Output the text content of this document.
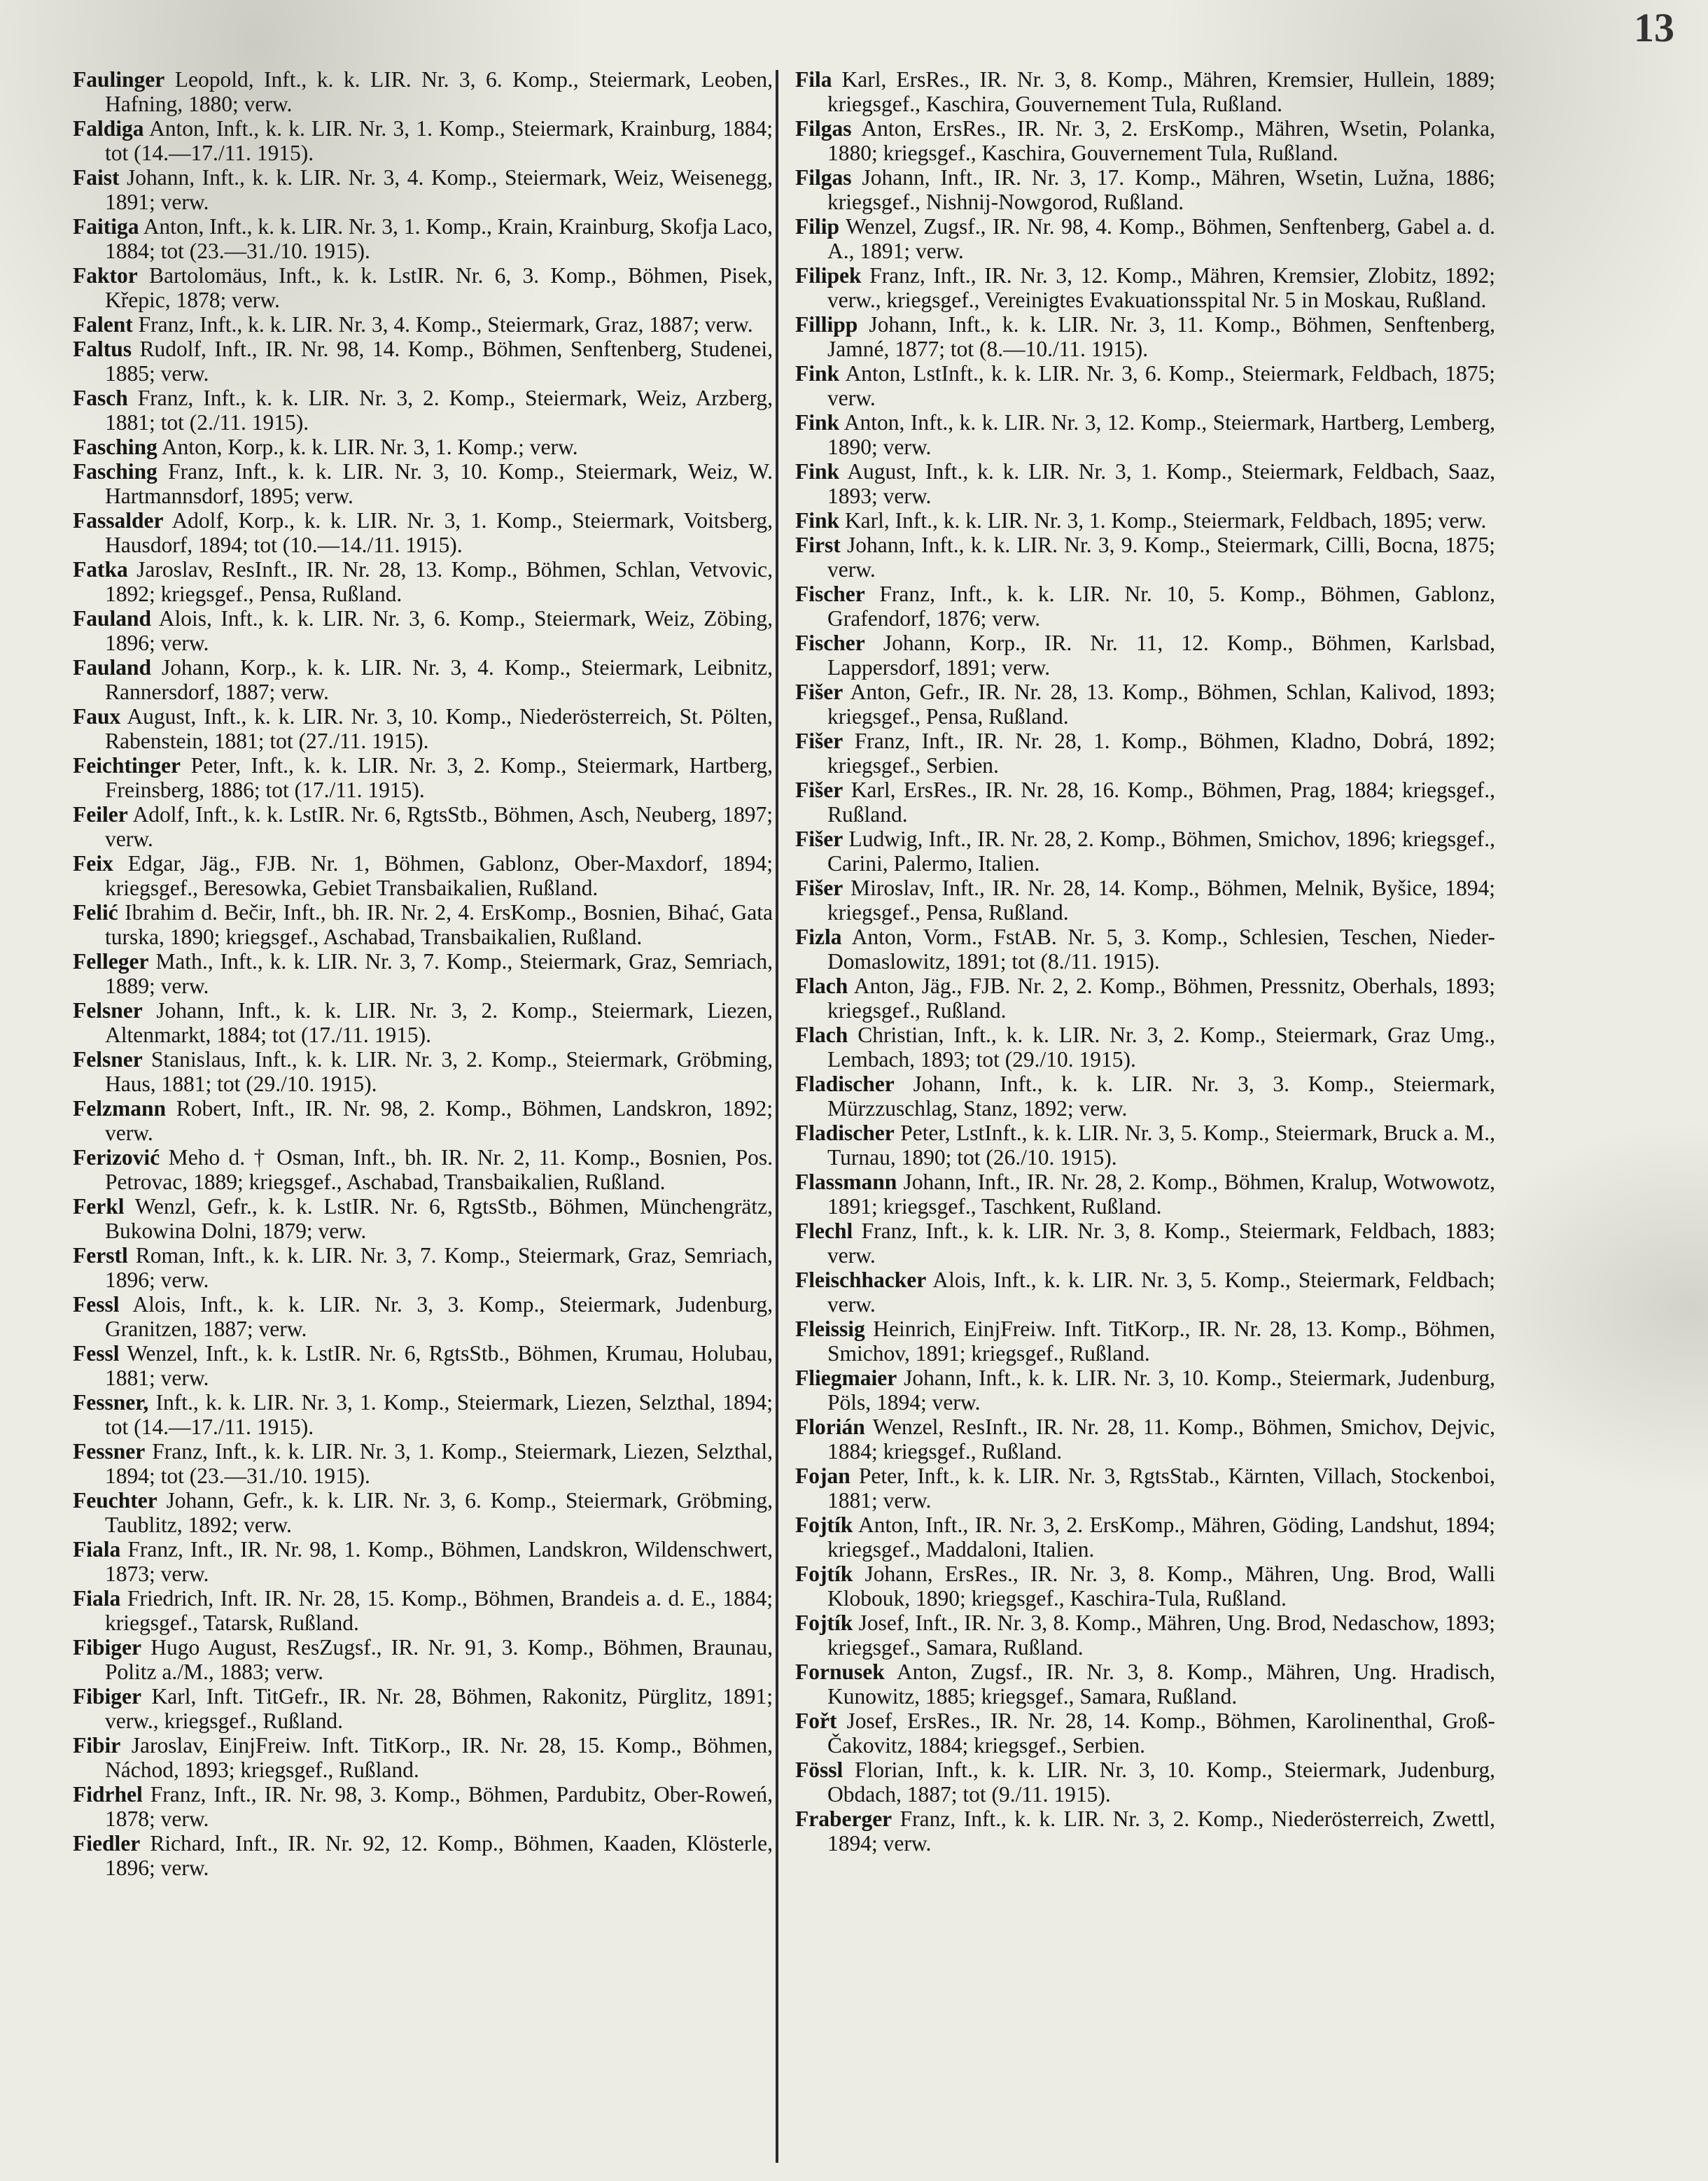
13

Faulinger Leopold, Inft., k. k. LIR. Nr. 3, 6. Komp., Steiermark, Leoben, Hafning, 1880; verw.

Faldiga Anton, Inft., k. k. LIR. Nr. 3, 1. Komp., Steiermark, Krainburg, 1884; tot (14.—17./11. 1915).

Faist Johann, Inft., k. k. LIR. Nr. 3, 4. Komp., Steiermark, Weiz, Weisenegg, 1891; verw.

Faitiga Anton, Inft., k. k. LIR. Nr. 3, 1. Komp., Krain, Krainburg, Skofja Laco, 1884; tot (23.—31./10. 1915).

Faktor Bartolomäus, Inft., k. k. LstIR. Nr. 6, 3. Komp., Böhmen, Pisek, Křepic, 1878; verw.

Falent Franz, Inft., k. k. LIR. Nr. 3, 4. Komp., Steiermark, Graz, 1887; verw.

Faltus Rudolf, Inft., IR. Nr. 98, 14. Komp., Böhmen, Senftenberg, Studenei, 1885; verw.

Fasch Franz, Inft., k. k. LIR. Nr. 3, 2. Komp., Steiermark, Weiz, Arzberg, 1881; tot (2./11. 1915).

Fasching Anton, Korp., k. k. LIR. Nr. 3, 1. Komp.; verw.

Fasching Franz, Inft., k. k. LIR. Nr. 3, 10. Komp., Steiermark, Weiz, W. Hartmannsdorf, 1895; verw.

Fassalder Adolf, Korp., k. k. LIR. Nr. 3, 1. Komp., Steiermark, Voitsberg, Hausdorf, 1894; tot (10.—14./11. 1915).

Fatka Jaroslav, ResInft., IR. Nr. 28, 13. Komp., Böhmen, Schlan, Vetvovic, 1892; kriegsgef., Pensa, Rußland.

Fauland Alois, Inft., k. k. LIR. Nr. 3, 6. Komp., Steiermark, Weiz, Zöbing, 1896; verw.

Fauland Johann, Korp., k. k. LIR. Nr. 3, 4. Komp., Steiermark, Leibnitz, Rannersdorf, 1887; verw.

Faux August, Inft., k. k. LIR. Nr. 3, 10. Komp., Niederösterreich, St. Pölten, Rabenstein, 1881; tot (27./11. 1915).

Feichtinger Peter, Inft., k. k. LIR. Nr. 3, 2. Komp., Steiermark, Hartberg, Freinsberg, 1886; tot (17./11. 1915).

Feiler Adolf, Inft., k. k. LstIR. Nr. 6, RgtsStb., Böhmen, Asch, Neuberg, 1897; verw.

Feix Edgar, Jäg., FJB. Nr. 1, Böhmen, Gablonz, Ober-Maxdorf, 1894; kriegsgef., Beresowka, Gebiet Transbaikalien, Rußland.

Felić Ibrahim d. Bečir, Inft., bh. IR. Nr. 2, 4. ErsKomp., Bosnien, Bihać, Gata turska, 1890; kriegsgef., Aschabad, Transbaikalien, Rußland.

Felleger Math., Inft., k. k. LIR. Nr. 3, 7. Komp., Steiermark, Graz, Semriach, 1889; verw.

Felsner Johann, Inft., k. k. LIR. Nr. 3, 2. Komp., Steiermark, Liezen, Altenmarkt, 1884; tot (17./11. 1915).

Felsner Stanislaus, Inft., k. k. LIR. Nr. 3, 2. Komp., Steiermark, Gröbming, Haus, 1881; tot (29./10. 1915).

Felzmann Robert, Inft., IR. Nr. 98, 2. Komp., Böhmen, Landskron, 1892; verw.

Ferizović Meho d. † Osman, Inft., bh. IR. Nr. 2, 11. Komp., Bosnien, Pos. Petrovac, 1889; kriegsgef., Aschabad, Transbaikalien, Rußland.

Ferkl Wenzl, Gefr., k. k. LstIR. Nr. 6, RgtsStb., Böhmen, Münchengrätz, Bukowina Dolni, 1879; verw.

Ferstl Roman, Inft., k. k. LIR. Nr. 3, 7. Komp., Steiermark, Graz, Semriach, 1896; verw.

Fessl Alois, Inft., k. k. LIR. Nr. 3, 3. Komp., Steiermark, Judenburg, Granitzen, 1887; verw.

Fessl Wenzel, Inft., k. k. LstIR. Nr. 6, RgtsStb., Böhmen, Krumau, Holubau, 1881; verw.

Fessner, Inft., k. k. LIR. Nr. 3, 1. Komp., Steiermark, Liezen, Selzthal, 1894; tot (14.—17./11. 1915).

Fessner Franz, Inft., k. k. LIR. Nr. 3, 1. Komp., Steiermark, Liezen, Selzthal, 1894; tot (23.—31./10. 1915).

Feuchter Johann, Gefr., k. k. LIR. Nr. 3, 6. Komp., Steiermark, Gröbming, Taublitz, 1892; verw.

Fiala Franz, Inft., IR. Nr. 98, 1. Komp., Böhmen, Landskron, Wildenschwert, 1873; verw.

Fiala Friedrich, Inft. IR. Nr. 28, 15. Komp., Böhmen, Brandeis a. d. E., 1884; kriegsgef., Tatarsk, Rußland.

Fibiger Hugo August, ResZugsf., IR. Nr. 91, 3. Komp., Böhmen, Braunau, Politz a./M., 1883; verw.

Fibiger Karl, Inft. TitGefr., IR. Nr. 28, Böhmen, Rakonitz, Pürglitz, 1891; verw., kriegsgef., Rußland.

Fibir Jaroslav, EinjFreiw. Inft. TitKorp., IR. Nr. 28, 15. Komp., Böhmen, Náchod, 1893; kriegsgef., Rußland.

Fidrhel Franz, Inft., IR. Nr. 98, 3. Komp., Böhmen, Pardubitz, Ober-Roweń, 1878; verw.

Fiedler Richard, Inft., IR. Nr. 92, 12. Komp., Böhmen, Kaaden, Klösterle, 1896; verw.

Fila Karl, ErsRes., IR. Nr. 3, 8. Komp., Mähren, Kremsier, Hullein, 1889; kriegsgef., Kaschira, Gouvernement Tula, Rußland.

Filgas Anton, ErsRes., IR. Nr. 3, 2. ErsKomp., Mähren, Wsetin, Polanka, 1880; kriegsgef., Kaschira, Gouvernement Tula, Rußland.

Filgas Johann, Inft., IR. Nr. 3, 17. Komp., Mähren, Wsetin, Lužna, 1886; kriegsgef., Nishnij-Nowgorod, Rußland.

Filip Wenzel, Zugsf., IR. Nr. 98, 4. Komp., Böhmen, Senftenberg, Gabel a. d. A., 1891; verw.

Filipek Franz, Inft., IR. Nr. 3, 12. Komp., Mähren, Kremsier, Zlobitz, 1892; verw., kriegsgef., Vereinigtes Evakuationsspital Nr. 5 in Moskau, Rußland.

Fillipp Johann, Inft., k. k. LIR. Nr. 3, 11. Komp., Böhmen, Senftenberg, Jamné, 1877; tot (8.—10./11. 1915).

Fink Anton, LstInft., k. k. LIR. Nr. 3, 6. Komp., Steiermark, Feldbach, 1875; verw.

Fink Anton, Inft., k. k. LIR. Nr. 3, 12. Komp., Steiermark, Hartberg, Lemberg, 1890; verw.

Fink August, Inft., k. k. LIR. Nr. 3, 1. Komp., Steiermark, Feldbach, Saaz, 1893; verw.

Fink Karl, Inft., k. k. LIR. Nr. 3, 1. Komp., Steiermark, Feldbach, 1895; verw.

First Johann, Inft., k. k. LIR. Nr. 3, 9. Komp., Steiermark, Cilli, Bocna, 1875; verw.

Fischer Franz, Inft., k. k. LIR. Nr. 10, 5. Komp., Böhmen, Gablonz, Grafendorf, 1876; verw.

Fischer Johann, Korp., IR. Nr. 11, 12. Komp., Böhmen, Karlsbad, Lappersdorf, 1891; verw.

Fišer Anton, Gefr., IR. Nr. 28, 13. Komp., Böhmen, Schlan, Kalivod, 1893; kriegsgef., Pensa, Rußland.

Fišer Franz, Inft., IR. Nr. 28, 1. Komp., Böhmen, Kladno, Dobrá, 1892; kriegsgef., Serbien.

Fišer Karl, ErsRes., IR. Nr. 28, 16. Komp., Böhmen, Prag, 1884; kriegsgef., Rußland.

Fišer Ludwig, Inft., IR. Nr. 28, 2. Komp., Böhmen, Smichov, 1896; kriegsgef., Carini, Palermo, Italien.

Fišer Miroslav, Inft., IR. Nr. 28, 14. Komp., Böhmen, Melnik, Byšice, 1894; kriegsgef., Pensa, Rußland.

Fizla Anton, Vorm., FstAB. Nr. 5, 3. Komp., Schlesien, Teschen, Nieder-Domaslowitz, 1891; tot (8./11. 1915).

Flach Anton, Jäg., FJB. Nr. 2, 2. Komp., Böhmen, Pressnitz, Oberhals, 1893; kriegsgef., Rußland.

Flach Christian, Inft., k. k. LIR. Nr. 3, 2. Komp., Steiermark, Graz Umg., Lembach, 1893; tot (29./10. 1915).

Fladischer Johann, Inft., k. k. LIR. Nr. 3, 3. Komp., Steiermark, Mürzzuschlag, Stanz, 1892; verw.

Fladischer Peter, LstInft., k. k. LIR. Nr. 3, 5. Komp., Steiermark, Bruck a. M., Turnau, 1890; tot (26./10. 1915).

Flassmann Johann, Inft., IR. Nr. 28, 2. Komp., Böhmen, Kralup, Wotwowotz, 1891; kriegsgef., Taschkent, Rußland.

Flechl Franz, Inft., k. k. LIR. Nr. 3, 8. Komp., Steiermark, Feldbach, 1883; verw.

Fleischhacker Alois, Inft., k. k. LIR. Nr. 3, 5. Komp., Steiermark, Feldbach; verw.

Fleissig Heinrich, EinjFreiw. Inft. TitKorp., IR. Nr. 28, 13. Komp., Böhmen, Smichov, 1891; kriegsgef., Rußland.

Fliegmaier Johann, Inft., k. k. LIR. Nr. 3, 10. Komp., Steiermark, Judenburg, Pöls, 1894; verw.

Florián Wenzel, ResInft., IR. Nr. 28, 11. Komp., Böhmen, Smichov, Dejvic, 1884; kriegsgef., Rußland.

Fojan Peter, Inft., k. k. LIR. Nr. 3, RgtsStab., Kärnten, Villach, Stockenboi, 1881; verw.

Fojtík Anton, Inft., IR. Nr. 3, 2. ErsKomp., Mähren, Göding, Landshut, 1894; kriegsgef., Maddaloni, Italien.

Fojtík Johann, ErsRes., IR. Nr. 3, 8. Komp., Mähren, Ung. Brod, Walli Klobouk, 1890; kriegsgef., Kaschira-Tula, Rußland.

Fojtík Josef, Inft., IR. Nr. 3, 8. Komp., Mähren, Ung. Brod, Nedaschow, 1893; kriegsgef., Samara, Rußland.

Fornusek Anton, Zugsf., IR. Nr. 3, 8. Komp., Mähren, Ung. Hradisch, Kunowitz, 1885; kriegsgef., Samara, Rußland.

Fořt Josef, ErsRes., IR. Nr. 28, 14. Komp., Böhmen, Karolinenthal, Groß-Čakovitz, 1884; kriegsgef., Serbien.

Fössl Florian, Inft., k. k. LIR. Nr. 3, 10. Komp., Steiermark, Judenburg, Obdach, 1887; tot (9./11. 1915).

Fraberger Franz, Inft., k. k. LIR. Nr. 3, 2. Komp., Niederösterreich, Zwettl, 1894; verw.
